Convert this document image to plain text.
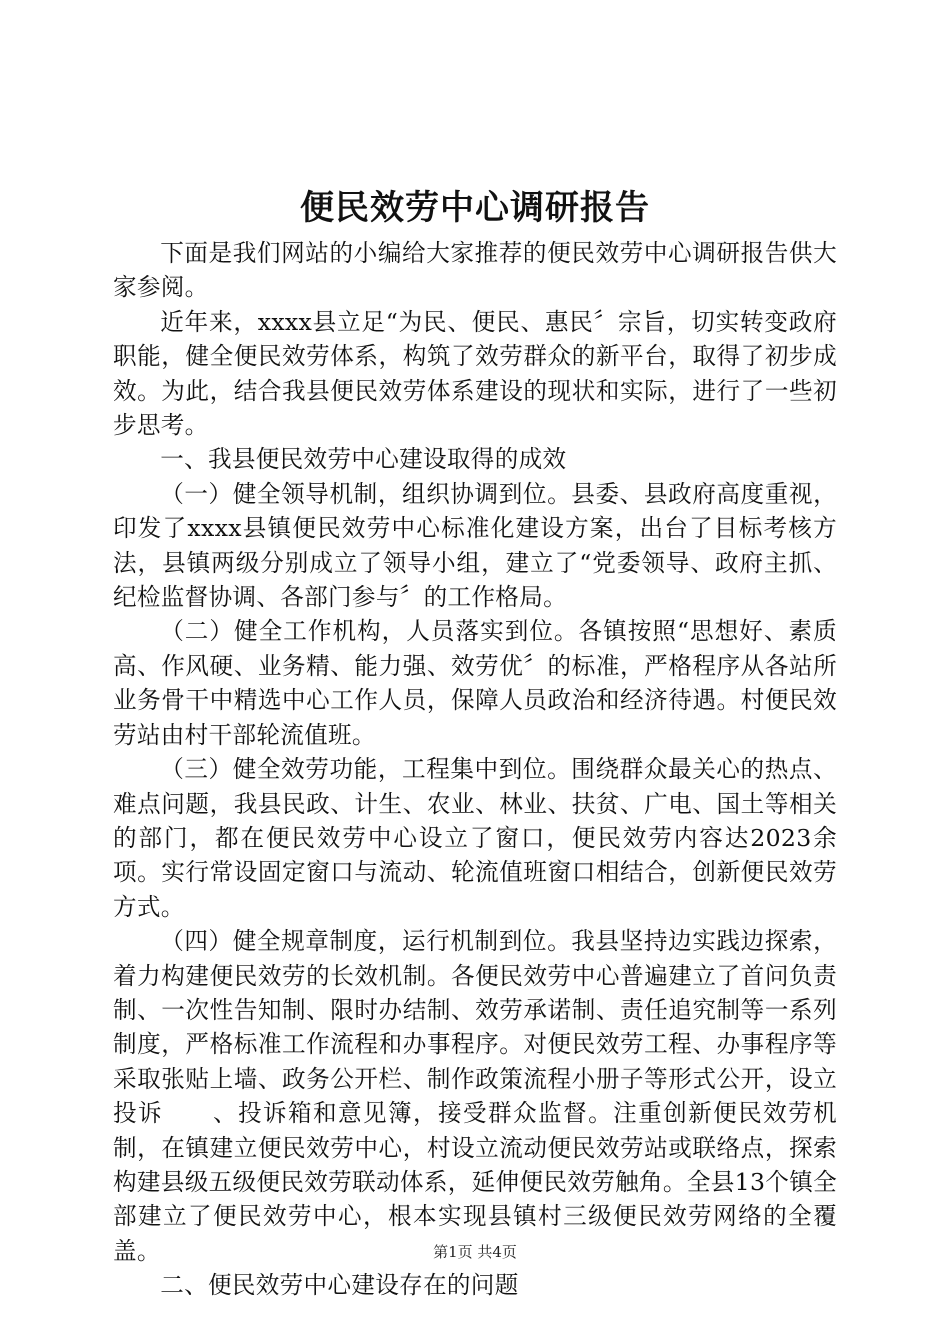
便民效劳中心调研报告

下面是我们网站的小编给大家推荐的便民效劳中心调研报告供大家参阅。

近年来，xxxx县立足“为民、便民、惠民〞宗旨，切实转变政府职能，健全便民效劳体系，构筑了效劳群众的新平台，取得了初步成效。为此，结合我县便民效劳体系建设的现状和实际，进行了一些初步思考。

一、我县便民效劳中心建设取得的成效

（一）健全领导机制，组织协调到位。县委、县政府高度重视，印发了xxxx县镇便民效劳中心标准化建设方案，出台了目标考核方法，县镇两级分别成立了领导小组，建立了“党委领导、政府主抓、纪检监督协调、各部门参与〞的工作格局。

（二）健全工作机构，人员落实到位。各镇按照“思想好、素质高、作风硬、业务精、能力强、效劳优〞的标准，严格程序从各站所业务骨干中精选中心工作人员，保障人员政治和经济待遇。村便民效劳站由村干部轮流值班。

（三）健全效劳功能，工程集中到位。围绕群众最关心的热点、难点问题，我县民政、计生、农业、林业、扶贫、广电、国土等相关的部门，都在便民效劳中心设立了窗口，便民效劳内容达2023余项。实行常设固定窗口与流动、轮流值班窗口相结合，创新便民效劳方式。

（四）健全规章制度，运行机制到位。我县坚持边实践边探索，着力构建便民效劳的长效机制。各便民效劳中心普遍建立了首问负责制、一次性告知制、限时办结制、效劳承诺制、责任追究制等一系列制度，严格标准工作流程和办事程序。对便民效劳工程、办事程序等采取张贴上墙、政务公开栏、制作政策流程小册子等形式公开，设立投诉　　、投诉箱和意见簿，接受群众监督。注重创新便民效劳机制，在镇建立便民效劳中心，村设立流动便民效劳站或联络点，探索构建县级五级便民效劳联动体系，延伸便民效劳触角。全县13个镇全部建立了便民效劳中心，根本实现县镇村三级便民效劳网络的全覆盖。

二、便民效劳中心建设存在的问题

第1页 共4页
